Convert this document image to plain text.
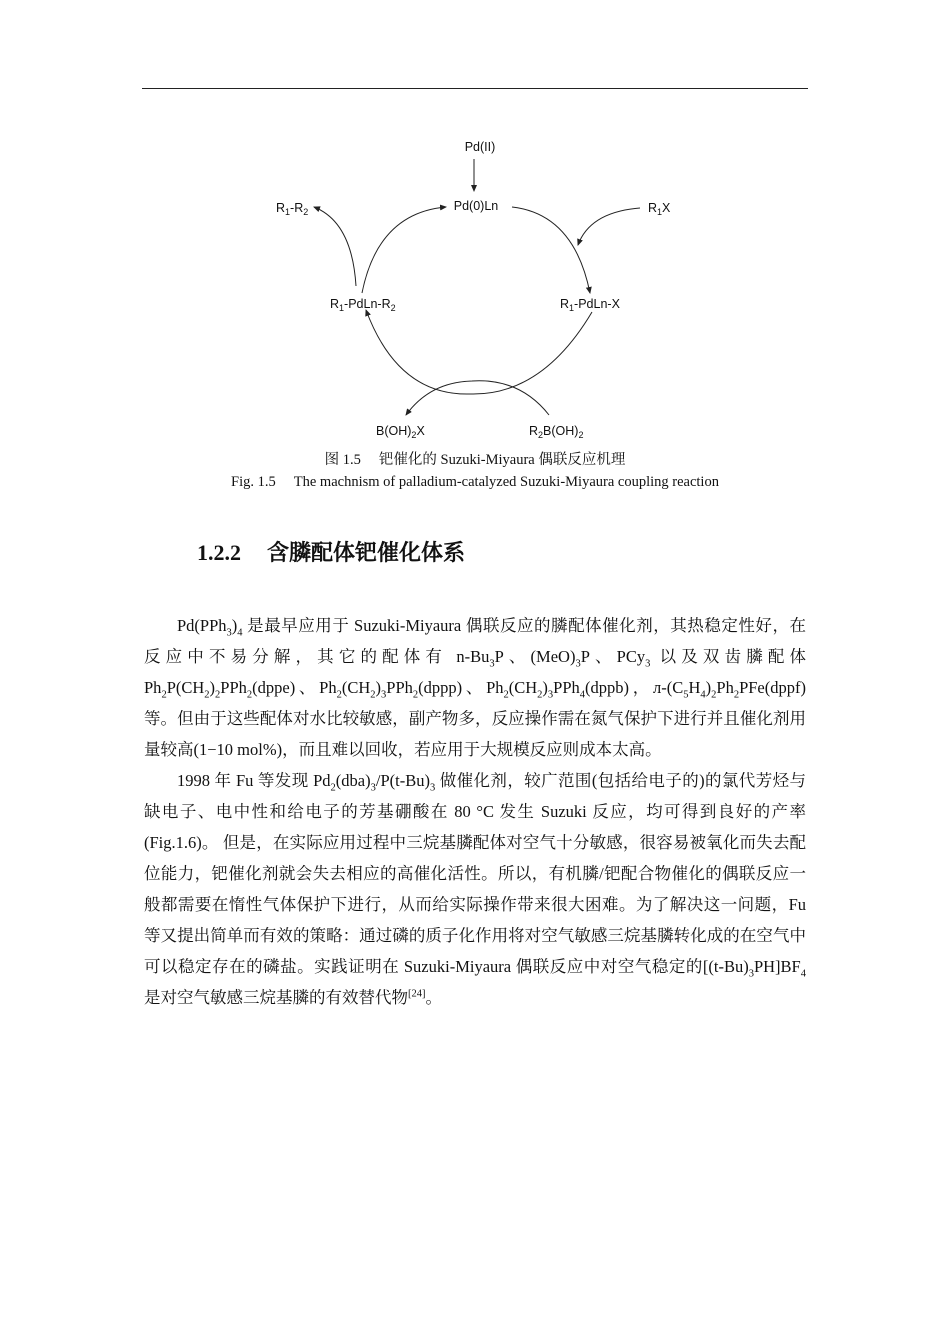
Pd(II)
Pd(0)Ln
$R_1-R_2$	$R_1X$
$R_1-PdLn-R_2$	$R_1-PdLn-X$
$B(OH)_2X$	$R_2B(OH)_2$
图 1.5 钯催化的 Suzuki-Miyaura 偶联反应机理
Fig. 1.5 The machnism of palladium-catalyzed Suzuki-Miyaura coupling reaction
1.2.2 含膦配体钯催化体系

$Pd(PPh_3)_4$ 是最早应用于 Suzuki-Miyaura 偶联反应的膦配体催化剂，其热稳定性好，在反应中不易分解，其它的配体有 $n-Bu_3P$、$(MeO)_3P$、PCy$_3$ 以及双齿膦配体 $Ph_2P(CH_2)_2PPh_2(dppe)$、$Ph_2(CH_2)_3PPh_2(dppp)$、$Ph_2(CH_2)_3PPh_4(dppb)$，$л-(C_5H_4)_2Ph_2PFe(dppf)$等。但由于这些配体对水比较敏感，副产物多，反应操作需在氮气保护下进行并且催化剂用量较高(1−10 mol%)，而且难以回收，若应用于大规模反应则成本太高。

1998 年 Fu 等发现 $Pd_2(dba)_3/P(t-Bu)_3$ 做催化剂，较广范围(包括给电子的)的氯代芳烃与缺电子、电中性和给电子的芳基硼酸在 80 °C 发生 Suzuki 反应，均可得到良好的产率(Fig.1.6)。 但是，在实际应用过程中三烷基膦配体对空气十分敏感，很容易被氧化而失去配位能力，钯催化剂就会失去相应的高催化活性。所以，有机膦/钯配合物催化的偶联反应一般都需要在惰性气体保护下进行，从而给实际操作带来很大困难。为了解决这一问题，Fu 等又提出简单而有效的策略：通过磷的质子化作用将对空气敏感三烷基膦转化成的在空气中可以稳定存在的磷盐。实践证明在 Suzuki-Miyaura 偶联反应中对空气稳定的$[(t-Bu)_3PH]BF_4$ 是对空气敏感三烷基膦的有效替代物[24]。
